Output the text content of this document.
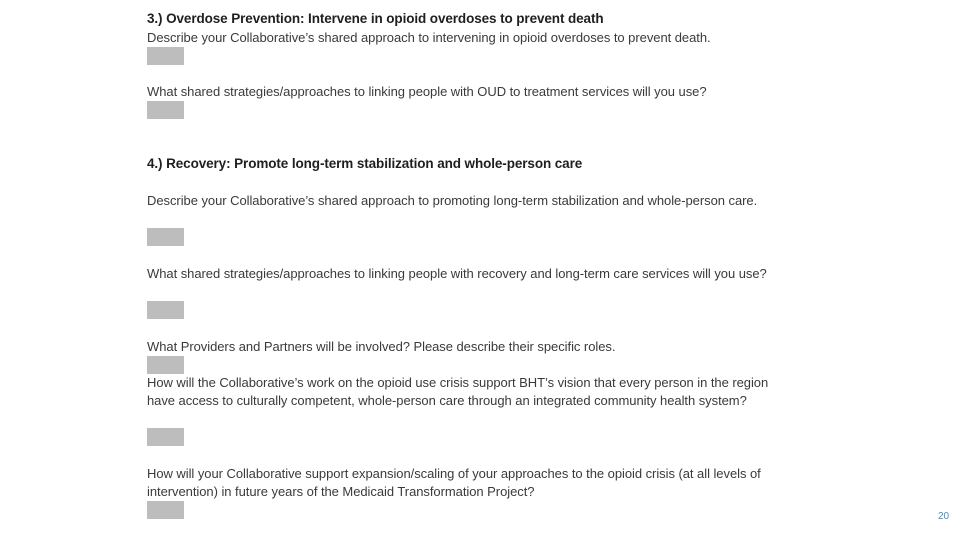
3.) Overdose Prevention: Intervene in opioid overdoses to prevent death
Describe your Collaborative’s shared approach to intervening in opioid overdoses to prevent death.
What shared strategies/approaches to linking people with OUD to treatment services will you use?
4.) Recovery: Promote long-term stabilization and whole-person care
Describe your Collaborative’s shared approach to promoting long-term stabilization and whole-person care.
What shared strategies/approaches to linking people with recovery and long-term care services will you use?
What Providers and Partners will be involved? Please describe their specific roles.
How will the Collaborative’s work on the opioid use crisis support BHT’s vision that every person in the region have access to culturally competent, whole-person care through an integrated community health system?
How will your Collaborative support expansion/scaling of your approaches to the opioid crisis (at all levels of intervention) in future years of the Medicaid Transformation Project?
20
